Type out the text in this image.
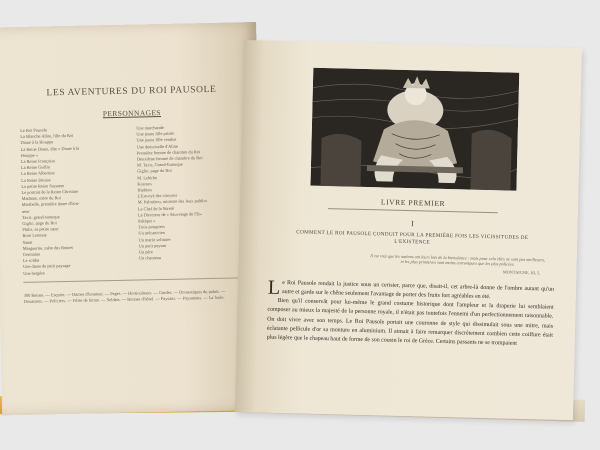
LES AVENTURES DU ROI PAUSOLE
PERSONNAGES
Le Roi Pausole
La Blanche Aline, fille du Roi
Diane à la Houppe
La Reine Diane, dite « Diane à la
Houppe »
La Reine Françoise
La Reine Guélia
La Reine Albertine
La Reine Denise
La petite Reine Suzanne
Le portrait de la Reine Christine
Madame, mère du Roi
Mirabelle, première dame d'hon-
neur
Taxis, grand eunuque
Giglio, page du Roi
Philis, sa petite sœur
Rose Lerenne
Sanat
Marguerite, mère des Reines
Germaine
Le soldat
Une dame de petit paysage
Une bergère
Une marchande
Une jeune fille prisée
Une jeune fille vendue
Une demoiselle d'Aline
Première femme de chambre du Roi
Deuxième femme de chambre du Roi
M. Taxis, Grand-Eunuque
Giglio, page du Roi
M. Lebirbe
Kosmos
Hadrien
L'Envoyé des citoyens
M. Palmérou, ministre des Jeux publics
Le Chef de la Sûreté
Le Directeur de « Sauvetage de l'Es-
thétique »
Trois pompiers
Un mécanicien
Un marin solitaire
Un petit paysan
Un père
Un chameau
300 Reines. — Esquire. — Dames d'honneur. — Pages. — Horticulteurs. — Gardes. — Domestiques du palais. — Douaniers. — Policiers. — Filles de ferme. — Soldats. — Bonnes d'hôtel. — Paysans. — Paysannes. — La foule.
LIVRE PREMIER
I
COMMENT LE ROI PAUSOLE CONDUIT POUR LA PREMIÈRE FOIS LES VICISSITUDES DE L'EXISTENCE
Il est vrai que les nations ont leurs lois de la bienséance ; mais pour cela elles ne sont pas meilleures, et les plus primitives sont moins corrompues que les plus policées.
MONTAIGNE, III, 5.

Le Roi Pausole rendait la justice sous un cerisier, parce que, disait-il, cet arbre-là donne de l'ombre autant qu'un autre et garde sur le chêne seulement l'avantage de porter des fruits fort agréables en été.

Bien qu'il conservât pour lui-même le grand costume historique dont l'ampleur et la draperie lui semblaient composer au mieux la majesté de la personne royale, il n'était pas toutefois l'ennemi d'un perfectionnement raisonnable. On doit vivre avec son temps. Le Roi Pausole portait une couronne de style qui dissimulait sous une mitre, mais éclatante pellicule d'or sa monture en aluminium. Il aimait à faire remarquer discrètement combien cette coiffure était plus légère que le chapeau haut de forme de son cousin le roi de Grèce. Certains passants ne se trompaient
